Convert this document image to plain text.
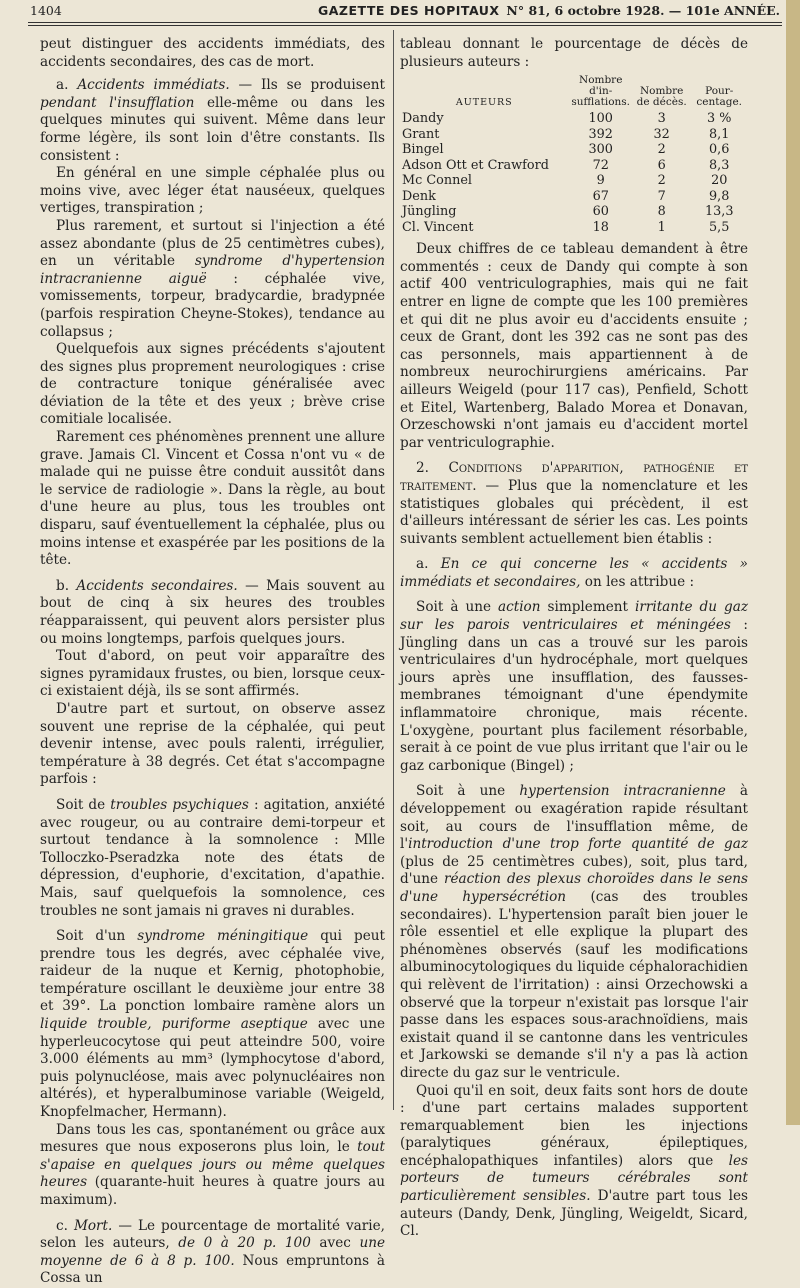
1404	GAZETTE DES HOPITAUX N° 81, 6 octobre 1928. — 101e ANNÉE.

peut distinguer des accidents immédiats, des accidents secondaires, des cas de mort.

a. Accidents immédiats. — Ils se produisent pendant l'insufflation elle-même ou dans les quelques minutes qui suivent. Même dans leur forme légère, ils sont loin d'être constants. Ils consistent :

En général en une simple céphalée plus ou moins vive, avec léger état nauséeux, quelques vertiges, transpiration ;

Plus rarement, et surtout si l'injection a été assez abondante (plus de 25 centimètres cubes), en un véritable syndrome d'hypertension intracranienne aiguë : céphalée vive, vomissements, torpeur, bradycardie, bradypnée (parfois respiration Cheyne-Stokes), tendance au collapsus ;

Quelquefois aux signes précédents s'ajoutent des signes plus proprement neurologiques : crise de contracture tonique généralisée avec déviation de la tête et des yeux ; brève crise comitiale localisée.

Rarement ces phénomènes prennent une allure grave. Jamais Cl. Vincent et Cossa n'ont vu « de malade qui ne puisse être conduit aussitôt dans le service de radiologie ». Dans la règle, au bout d'une heure au plus, tous les troubles ont disparu, sauf éventuellement la céphalée, plus ou moins intense et exaspérée par les positions de la tête.

b. Accidents secondaires. — Mais souvent au bout de cinq à six heures des troubles réapparaissent, qui peuvent alors persister plus ou moins longtemps, parfois quelques jours.

Tout d'abord, on peut voir apparaître des signes pyramidaux frustes, ou bien, lorsque ceux-ci existaient déjà, ils se sont affirmés.

D'autre part et surtout, on observe assez souvent une reprise de la céphalée, qui peut devenir intense, avec pouls ralenti, irrégulier, température à 38 degrés. Cet état s'accompagne parfois :

Soit de troubles psychiques : agitation, anxiété avec rougeur, ou au contraire demi-torpeur et surtout tendance à la somnolence : Mlle Tolloczko-Pseradzka note des états de dépression, d'euphorie, d'excitation, d'apathie. Mais, sauf quelquefois la somnolence, ces troubles ne sont jamais ni graves ni durables.

Soit d'un syndrome méningitique qui peut prendre tous les degrés, avec céphalée vive, raideur de la nuque et Kernig, photophobie, température oscillant le deuxième jour entre 38 et 39°. La ponction lombaire ramène alors un liquide trouble, puriforme aseptique avec une hyperleucocytose qui peut atteindre 500, voire 3.000 éléments au mm³ (lymphocytose d'abord, puis polynucléose, mais avec polynucléaires non altérés), et hyperalbuminose variable (Weigeld, Knopfelmacher, Hermann).

Dans tous les cas, spontanément ou grâce aux mesures que nous exposerons plus loin, le tout s'apaise en quelques jours ou même quelques heures (quarante-huit heures à quatre jours au maximum).

c. Mort. — Le pourcentage de mortalité varie, selon les auteurs, de 0 à 20 p. 100 avec une moyenne de 6 à 8 p. 100. Nous empruntons à Cossa un

tableau donnant le pourcentage de décès de plusieurs auteurs :

AUTEURS	Nombre d'in-sufflations.	Nombre de décès.	Pour-centage.
Dandy	100	3	3 %
Grant	392	32	8,1
Bingel	300	2	0,6
Adson Ott et Crawford	72	6	8,3
Mc Connel	9	2	20
Denk	67	7	9,8
Jüngling	60	8	13,3
Cl. Vincent	18	1	5,5

Deux chiffres de ce tableau demandent à être commentés : ceux de Dandy qui compte à son actif 400 ventriculographies, mais qui ne fait entrer en ligne de compte que les 100 premières et qui dit ne plus avoir eu d'accidents ensuite ; ceux de Grant, dont les 392 cas ne sont pas des cas personnels, mais appartiennent à de nombreux neurochirurgiens américains. Par ailleurs Weigeld (pour 117 cas), Penfield, Schott et Eitel, Wartenberg, Balado Morea et Donavan, Orzeschowski n'ont jamais eu d'accident mortel par ventriculographie.

2. Conditions d'apparition, pathogénie et traitement. — Plus que la nomenclature et les statistiques globales qui précèdent, il est d'ailleurs intéressant de sérier les cas. Les points suivants semblent actuellement bien établis :

a. En ce qui concerne les « accidents » immédiats et secondaires, on les attribue :

Soit à une action simplement irritante du gaz sur les parois ventriculaires et méningées : Jüngling dans un cas a trouvé sur les parois ventriculaires d'un hydrocéphale, mort quelques jours après une insufflation, des fausses-membranes témoignant d'une épendymite inflammatoire chronique, mais récente. L'oxygène, pourtant plus facilement résorbable, serait à ce point de vue plus irritant que l'air ou le gaz carbonique (Bingel) ;

Soit à une hypertension intracranienne à développement ou exagération rapide résultant soit, au cours de l'insufflation même, de l'introduction d'une trop forte quantité de gaz (plus de 25 centimètres cubes), soit, plus tard, d'une réaction des plexus choroïdes dans le sens d'une hypersécrétion (cas des troubles secondaires). L'hypertension paraît bien jouer le rôle essentiel et elle explique la plupart des phénomènes observés (sauf les modifications albuminocytologiques du liquide céphalorachidien qui relèvent de l'irritation) : ainsi Orzechowski a observé que la torpeur n'existait pas lorsque l'air passe dans les espaces sous-arachnoïdiens, mais existait quand il se cantonne dans les ventricules et Jarkowski se demande s'il n'y a pas là action directe du gaz sur le ventricule.

Quoi qu'il en soit, deux faits sont hors de doute : d'une part certains malades supportent remarquablement bien les injections (paralytiques généraux, épileptiques, encéphalopathiques infantiles) alors que les porteurs de tumeurs cérébrales sont particulièrement sensibles. D'autre part tous les auteurs (Dandy, Denk, Jüngling, Weigeldt, Sicard, Cl.
